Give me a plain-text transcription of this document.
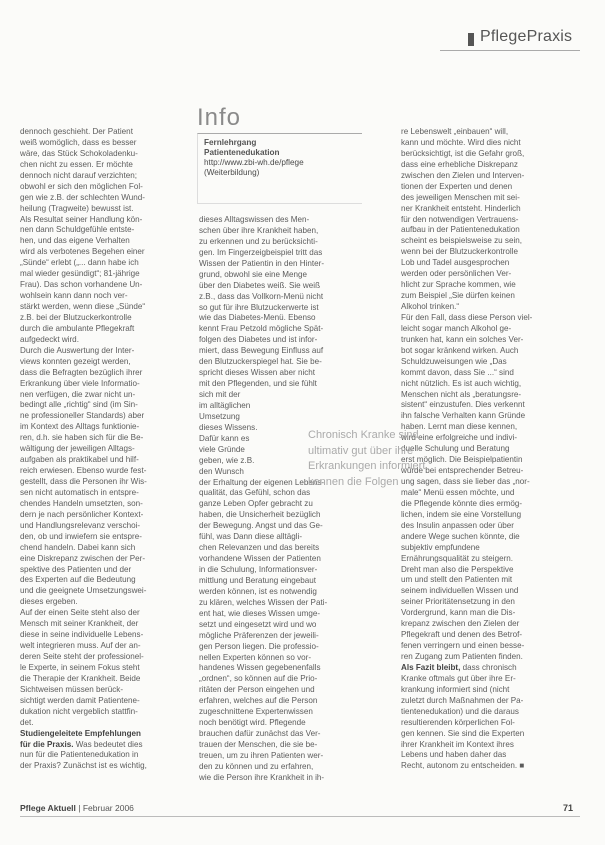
PflegePraxis
Info
Fernlehrgang
Patientenedukation
http://www.zbi-wh.de/pflege
(Weiterbildung)
dennoch geschieht. Der Patient
weiß womöglich, dass es besser
wäre, das Stück Schokoladenku-
chen nicht zu essen. Er möchte
dennoch nicht darauf verzichten;
obwohl er sich den möglichen Fol-
gen wie z.B. der schlechten Wund-
heilung (Tragweite) bewusst ist.
Als Resultat seiner Handlung kön-
nen dann Schuldgefühle entste-
hen, und das eigene Verhalten
wird als verbotenes Begehen einer
„Sünde“ erlebt („... dann habe ich
mal wieder gesündigt“; 81-jährige
Frau). Das schon vorhandene Un-
wohlsein kann dann noch ver-
stärkt werden, wenn diese „Sünde“
z.B. bei der Blutzuckerkontrolle
durch die ambulante Pflegekraft
aufgedeckt wird.
Durch die Auswertung der Inter-
views konnten gezeigt werden,
dass die Befragten bezüglich ihrer
Erkrankung über viele Informatio-
nen verfügen, die zwar nicht un-
bedingt alle „richtig“ sind (im Sin-
ne professioneller Standards) aber
im Kontext des Alltags funktionie-
ren, d.h. sie haben sich für die Be-
wältigung der jeweiligen Alltags-
aufgaben als praktikabel und hilf-
reich erwiesen. Ebenso wurde fest-
gestellt, dass die Personen ihr Wis-
sen nicht automatisch in entspre-
chendes Handeln umsetzten, son-
dern je nach persönlicher Kontext-
und Handlungsrelevanz verschoi-
den, ob und inwiefern sie entspre-
chend handeln. Dabei kann sich
eine Diskrepanz zwischen der Per-
spektive des Patienten und der
des Experten auf die Bedeutung
und die geeignete Umsetzungswei-
dieses ergeben.
Auf der einen Seite steht also der
Mensch mit seiner Krankheit, der
diese in seine individuelle Lebens-
welt integrieren muss. Auf der an-
deren Seite steht der professionel-
le Experte, in seinem Fokus steht
die Therapie der Krankheit. Beide
Sichtweisen müssen berück-
sichtigt werden damit Patientene-
dukation nicht vergeblich stattfin-
det.
Studiengeleitete Empfehlungen
für die Praxis. Was bedeutet dies
nun für die Patientenedukation in
der Praxis? Zunächst ist es wichtig,
dieses Alltagswissen des Men-
schen über ihre Krankheit haben,
zu erkennen und zu berücksichti-
gen. Im Fingerzeigbeispiel tritt das
Wissen der Patientin in den Hinter-
grund, obwohl sie eine Menge
über den Diabetes weiß. Sie weiß
z.B., dass das Vollkorn-Menü nicht
so gut für ihre Blutzuckerwerte ist
wie das Diabetes-Menü. Ebenso
kennt Frau Petzold mögliche Spät-
folgen des Diabetes und ist infor-
miert, dass Bewegung Einfluss auf
den Blutzuckerspiegel hat. Sie be-
spricht dieses Wissen aber nicht
mit den Pflegenden, und sie fühlt
sich mit der
im alltäglichen
Umsetzung
dieses Wissens.
Dafür kann es
viele Gründe
geben, wie z.B.
den Wunsch
der Erhaltung der eigenen Lebens-
qualität, das Gefühl, schon das
ganze Leben Opfer gebracht zu
haben, die Unsicherheit bezüglich
der Bewegung. Angst und das Ge-
fühl, was Dann diese alltägli-
chen Relevanzen und das bereits
vorhandene Wissen der Patienten
in die Schulung, Informationsver-
mittlung und Beratung eingebaut
werden können, ist es notwendig
zu klären, welches Wissen der Pati-
ent hat, wie dieses Wissen umge-
setzt und eingesetzt wird und wo
mögliche Präferenzen der jeweili-
gen Person liegen. Die professio-
nellen Experten können so vor-
handenes Wissen gegebenenfalls
„ordnen“, so können auf die Prio-
ritäten der Person eingehen und
erfahren, welches auf die Person
zugeschnittene Expertenwissen
noch benötigt wird. Pflegende
brauchen dafür zunächst das Ver-
trauen der Menschen, die sie be-
treuen, um zu ihren Patienten wer-
den zu können und zu erfahren,
wie die Person ihre Krankheit in ih-
re Lebenswelt „einbauen“ will,
kann und möchte. Wird dies nicht
berücksichtigt, ist die Gefahr groß,
dass eine erhebliche Diskrepanz
zwischen den Zielen und Interven-
tionen der Experten und denen
des jeweiligen Menschen mit sei-
ner Krankheit entsteht. Hinderlich
für den notwendigen Vertrauens-
aufbau in der Patientenedukation
scheint es beispielsweise zu sein,
wenn bei der Blutzuckerkontrolle
Lob und Tadel ausgesprochen
werden oder persönlichen Ver-
hlicht zur Sprache kommen, wie
zum Beispiel „Sie dürfen keinen
Alkohol trinken.“
Für den Fall, dass diese Person viel-
leicht sogar manch Alkohol ge-
trunken hat, kann ein solches Ver-
bot sogar kränkend wirken. Auch
Schuldzuweisungen wie „Das
kommt davon, dass Sie ...“ sind
nicht nützlich. Es ist auch wichtig,
Menschen nicht als „beratungsre-
sistent“ einzustufen. Dies verkennt
ihn falsche Verhalten kann Gründe
haben. Lernt man diese kennen,
wird eine erfolgreiche und indivi-
duelle Schulung und Beratung
erst möglich. Die Beispielpatientin
würde bei entsprechender Betreu-
ung sagen, dass sie lieber das „nor-
male“ Menü essen möchte, und
die Pflegende könnte dies ermög-
lichen, indem sie eine Vorstellung
des Insulin anpassen oder über
andere Wege suchen könnte, die
subjektiv empfundene
Ernährungsqualität zu steigern.
Dreht man also die Perspektive
um und stellt den Patienten mit
seinem individuellen Wissen und
seiner Prioritätensetzung in den
Vordergrund, kann man die Dis-
krepanz zwischen den Zielen der
Pflegekraft und denen des Betrof-
fenen verringern und einen besse-
ren Zugang zum Patienten finden.
Als Fazit bleibt, dass chronisch
Kranke oftmals gut über ihre Er-
krankung informiert sind (nicht
zuletzt durch Maßnahmen der Pa-
tientenedukation) und die daraus
resultierenden körperlichen Fol-
gen kennen. Sie sind die Experten
ihrer Krankheit im Kontext ihres
Lebens und haben daher das
Recht, autonom zu entscheiden. ■
Chronisch Kranke sind
ultimativ gut über ihre
Erkrankungen informiert
kennen die Folgen
Pflege Aktuell | Februar 2006	71
